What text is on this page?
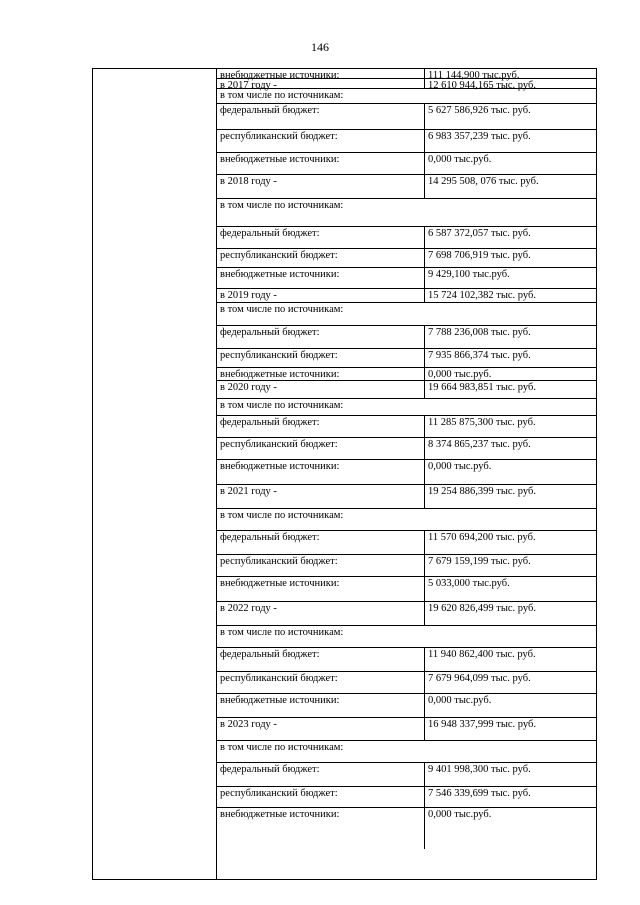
146
внебюджетные источники:	111 144,900 тыс.руб.
в 2017 году -	12 610 944,165 тыс. руб.
в том числе по источникам:
федеральный бюджет:	5 627 586,926 тыс. руб.
республиканский бюджет:	6 983 357,239 тыс. руб.
внебюджетные источники:	0,000 тыс.руб.
в 2018 году -	14 295 508, 076 тыс. руб.
в том числе по источникам:
федеральный бюджет:	6 587 372,057 тыс. руб.
республиканский бюджет:	7 698 706,919 тыс. руб.
внебюджетные источники:	9 429,100 тыс.руб.
в 2019 году -	15 724 102,382 тыс. руб.
в том числе по источникам:
федеральный бюджет:	7 788 236,008 тыс. руб.
республиканский бюджет:	7 935 866,374 тыс. руб.
внебюджетные источники:	0,000 тыс.руб.
в 2020 году -	19 664 983,851 тыс. руб.
в том числе по источникам:
федеральный бюджет:	11 285 875,300 тыс. руб.
республиканский бюджет:	8 374 865,237 тыс. руб.
внебюджетные источники:	0,000 тыс.руб.
в 2021 году -	19 254 886,399 тыс. руб.
в том числе по источникам:
федеральный бюджет:	11 570 694,200 тыс. руб.
республиканский бюджет:	7 679 159,199 тыс. руб.
внебюджетные источники:	5 033,000 тыс.руб.
в 2022 году -	19 620 826,499 тыс. руб.
в том числе по источникам:
федеральный бюджет:	11 940 862,400 тыс. руб.
республиканский бюджет:	7 679 964,099 тыс. руб.
внебюджетные источники:	0,000 тыс.руб.
в 2023 году -	16 948 337,999 тыс. руб.
в том числе по источникам:
федеральный бюджет:	9 401 998,300 тыс. руб.
республиканский бюджет:	7 546 339,699 тыс. руб.
внебюджетные источники:	0,000 тыс.руб.
